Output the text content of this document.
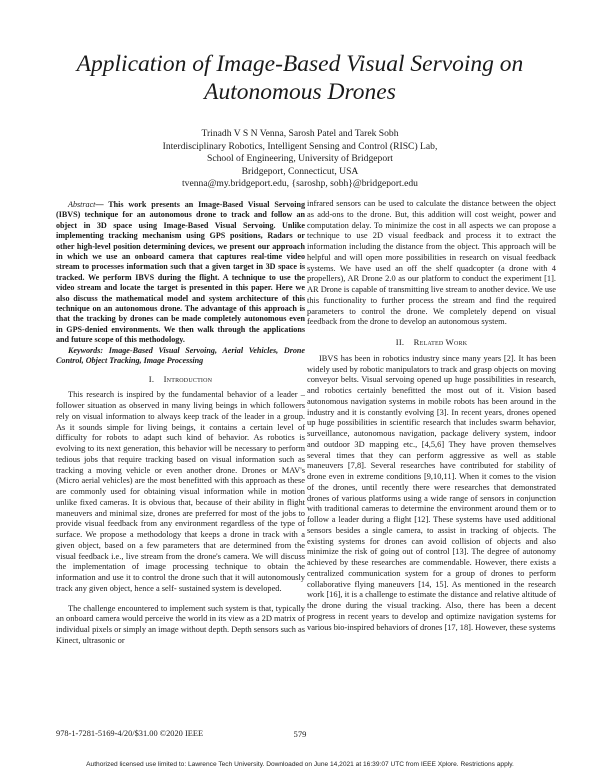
Application of Image-Based Visual Servoing on Autonomous Drones
Trinadh V S N Venna, Sarosh Patel and Tarek Sobh
Interdisciplinary Robotics, Intelligent Sensing and Control (RISC) Lab,
School of Engineering, University of Bridgeport
Bridgeport, Connecticut, USA
tvenna@my.bridgeport.edu, {saroshp, sobh}@bridgeport.edu

Abstract— This work presents an Image-Based Visual Servoing (IBVS) technique for an autonomous drone to track and follow an object in 3D space using Image-Based Visual Servoing. Unlike implementing tracking mechanism using GPS positions, Radars or other high-level position determining devices, we present our approach in which we use an onboard camera that captures real-time video stream to processes information such that a given target in 3D space is tracked. We perform IBVS during the flight. A technique to use the video stream and locate the target is presented in this paper. Here we also discuss the mathematical model and system architecture of this technique on an autonomous drone. The advantage of this approach is that the tracking by drones can be made completely autonomous even in GPS-denied environments. We then walk through the applications and future scope of this methodology.

Keywords: Image-Based Visual Servoing, Aerial Vehicles, Drone Control, Object Tracking, Image Processing

I. Introduction

This research is inspired by the fundamental behavior of a leader – follower situation as observed in many living beings in which followers rely on visual information to always keep track of the leader in a group. As it sounds simple for living beings, it contains a certain level of difficulty for robots to adapt such kind of behavior. As robotics is evolving to its next generation, this behavior will be necessary to perform tedious jobs that require tracking based on visual information such as tracking a moving vehicle or even another drone. Drones or MAV's (Micro aerial vehicles) are the most benefitted with this approach as these are commonly used for obtaining visual information while in motion unlike fixed cameras. It is obvious that, because of their ability in flight maneuvers and minimal size, drones are preferred for most of the jobs to provide visual feedback from any environment regardless of the type of surface. We propose a methodology that keeps a drone in track with a given object, based on a few parameters that are determined from the visual feedback i.e., live stream from the drone's camera. We will discuss the implementation of image processing technique to obtain the information and use it to control the drone such that it will autonomously track any given object, hence a self- sustained system is developed.

The challenge encountered to implement such system is that, typically an onboard camera would perceive the world in its view as a 2D matrix of individual pixels or simply an image without depth. Depth sensors such as Kinect, ultrasonic or

infrared sensors can be used to calculate the distance between the object as add-ons to the drone. But, this addition will cost weight, power and computation delay. To minimize the cost in all aspects we can propose a technique to use 2D visual feedback and process it to extract the information including the distance from the object. This approach will be helpful and will open more possibilities in research on visual feedback systems. We have used an off the shelf quadcopter (a drone with 4 propellers), AR Drone 2.0 as our platform to conduct the experiment [1]. AR Drone is capable of transmitting live stream to another device. We use this functionality to further process the stream and find the required parameters to control the drone. We completely depend on visual feedback from the drone to develop an autonomous system.

II. Related Work

IBVS has been in robotics industry since many years [2]. It has been widely used by robotic manipulators to track and grasp objects on moving conveyor belts. Visual servoing opened up huge possibilities in research, and robotics certainly benefitted the most out of it. Vision based autonomous navigation systems in mobile robots has been around in the industry and it is constantly evolving [3]. In recent years, drones opened up huge possibilities in scientific research that includes swarm behavior, surveillance, autonomous navigation, package delivery system, indoor and outdoor 3D mapping etc., [4,5,6] They have proven themselves several times that they can perform aggressive as well as stable maneuvers [7,8]. Several researches have contributed for stability of drone even in extreme conditions [9,10,11]. When it comes to the vision of the drones, until recently there were researches that demonstrated drones of various platforms using a wide range of sensors in conjunction with traditional cameras to determine the environment around them or to follow a leader during a flight [12]. These systems have used additional sensors besides a single camera, to assist in tracking of objects. The existing systems for drones can avoid collision of objects and also minimize the risk of going out of control [13]. The degree of autonomy achieved by these researches are commendable. However, there exists a centralized communication system for a group of drones to perform collaborative flying maneuvers [14, 15]. As mentioned in the research work [16], it is a challenge to estimate the distance and relative altitude of the drone during the visual tracking. Also, there has been a decent progress in recent years to develop and optimize navigation systems for various bio-inspired behaviors of drones [17, 18]. However, these systems

978-1-7281-5169-4/20/$31.00 ©2020 IEEE	579
Authorized licensed use limited to: Lawrence Tech University. Downloaded on June 14,2021 at 16:39:07 UTC from IEEE Xplore. Restrictions apply.
